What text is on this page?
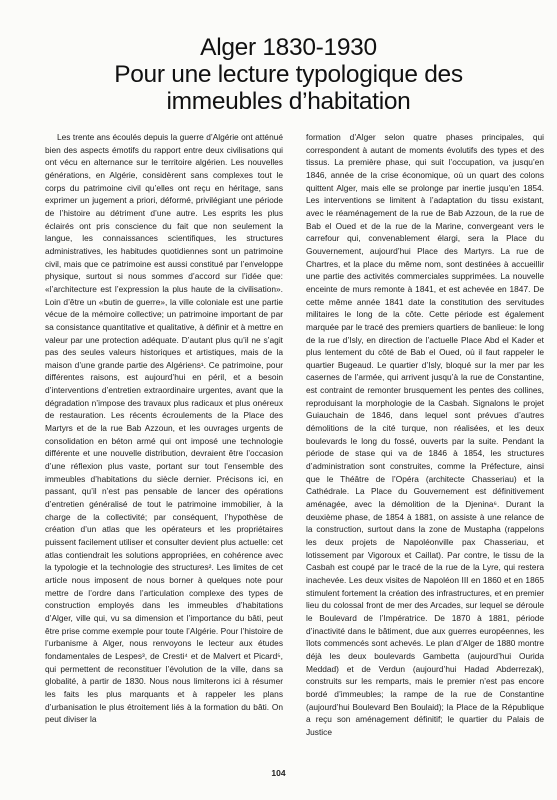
Alger 1830-1930
Pour une lecture typologique des
immeubles d’habitation

Les trente ans écoulés depuis la guerre d’Algérie ont atténué bien des aspects émotifs du rapport entre deux civilisations qui ont vécu en alternance sur le territoire algérien. Les nouvelles générations, en Algérie, considèrent sans complexes tout le corps du patrimoine civil qu’elles ont reçu en héritage, sans exprimer un jugement a priori, déformé, privilégiant une période de l’histoire au détriment d’une autre. Les esprits les plus éclairés ont pris conscience du fait que non seulement la langue, les connaissances scientifiques, les structures administratives, les habitudes quotidiennes sont un patrimoine civil, mais que ce patrimoine est aussi constitué par l’enveloppe physique, surtout si nous sommes d’accord sur l’idée que: «l’architecture est l’expression la plus haute de la civilisation». Loin d’être un «butin de guerre», la ville coloniale est une partie vécue de la mémoire collective; un patrimoine important de par sa consistance quantitative et qualitative, à définir et à mettre en valeur par une protection adéquate. D’autant plus qu’il ne s’agit pas des seules valeurs historiques et artistiques, mais de la maison d’une grande partie des Algériens¹. Ce patrimoine, pour différentes raisons, est aujourd’hui en péril, et a besoin d’interventions d’entretien extraordinaire urgentes, avant que la dégradation n’impose des travaux plus radicaux et plus onéreux de restauration. Les récents écroulements de la Place des Martyrs et de la rue Bab Azzoun, et les ouvrages urgents de consolidation en béton armé qui ont imposé une technologie différente et une nouvelle distribution, devraient être l’occasion d’une réflexion plus vaste, portant sur tout l’ensemble des immeubles d’habitations du siècle dernier. Précisons ici, en passant, qu’il n’est pas pensable de lancer des opérations d’entretien généralisé de tout le patrimoine immobilier, à la charge de la collectivité; par conséquent, l’hypothèse de création d’un atlas que les opérateurs et les propriétaires puissent facilement utiliser et consulter devient plus actuelle: cet atlas contiendrait les solutions appropriées, en cohérence avec la typologie et la technologie des structures². Les limites de cet article nous imposent de nous borner à quelques note pour mettre de l’ordre dans l’articulation complexe des types de construction employés dans les immeubles d’habitations d’Alger, ville qui, vu sa dimension et l’importance du bâti, peut être prise comme exemple pour toute l’Algérie. Pour l’histoire de l’urbanisme à Alger, nous renvoyons le lecteur aux études fondamentales de Lespes³, de Cresti⁴ et de Malvert et Picard⁵, qui permettent de reconstituer l’évolution de la ville, dans sa globalité, à partir de 1830. Nous nous limiterons ici à résumer les faits les plus marquants et à rappeler les plans d’urbanisation le plus étroitement liés à la formation du bâti. On peut diviser la

formation d’Alger selon quatre phases principales, qui correspondent à autant de moments évolutifs des types et des tissus. La première phase, qui suit l’occupation, va jusqu’en 1846, année de la crise économique, où un quart des colons quittent Alger, mais elle se prolonge par inertie jusqu’en 1854. Les interventions se limitent à l’adaptation du tissu existant, avec le réaménagement de la rue de Bab Azzoun, de la rue de Bab el Oued et de la rue de la Marine, convergeant vers le carrefour qui, convenablement élargi, sera la Place du Gouvernement, aujourd’hui Place des Martyrs. La rue de Chartres, et la place du même nom, sont destinées à accueillir une partie des activités commerciales supprimées. La nouvelle enceinte de murs remonte à 1841, et est achevée en 1847. De cette même année 1841 date la constitution des servitudes militaires le long de la côte. Cette période est également marquée par le tracé des premiers quartiers de banlieue: le long de la rue d’Isly, en direction de l’actuelle Place Abd el Kader et plus lentement du côté de Bab el Oued, où il faut rappeler le quartier Bugeaud. Le quartier d’Isly, bloqué sur la mer par les casernes de l’armée, qui arrivent jusqu’à la rue de Constantine, est contraint de remonter brusquement les pentes des collines, reproduisant la morphologie de la Casbah. Signalons le projet Guiauchain de 1846, dans lequel sont prévues d’autres démolitions de la cité turque, non réalisées, et les deux boulevards le long du fossé, ouverts par la suite. Pendant la période de stase qui va de 1846 à 1854, les structures d’administration sont construites, comme la Préfecture, ainsi que le Théâtre de l’Opéra (architecte Chasseriau) et la Cathédrale. La Place du Gouvernement est définitivement aménagée, avec la démolition de la Djenina⁶. Durant la deuxième phase, de 1854 à 1881, on assiste à une relance de la construction, surtout dans la zone de Mustapha (rappelons les deux projets de Napoléonville pax Chasseriau, et lotissement par Vigoroux et Caillat). Par contre, le tissu de la Casbah est coupé par le tracé de la rue de la Lyre, qui restera inachevée. Les deux visites de Napoléon III en 1860 et en 1865 stimulent fortement la création des infrastructures, et en premier lieu du colossal front de mer des Arcades, sur lequel se déroule le Boulevard de l’Impératrice. De 1870 à 1881, période d’inactivité dans le bâtiment, due aux guerres européennes, les îlots commencés sont achevés. Le plan d’Alger de 1880 montre déjà les deux boulevards Gambetta (aujourd’hui Ourida Meddad) et de Verdun (aujourd’hui Hadad Abderrezak), construits sur les remparts, mais le premier n’est pas encore bordé d’immeubles; la rampe de la rue de Constantine (aujourd’hui Boulevard Ben Boulaid); la Place de la République a reçu son aménagement définitif; le quartier du Palais de Justice

104
